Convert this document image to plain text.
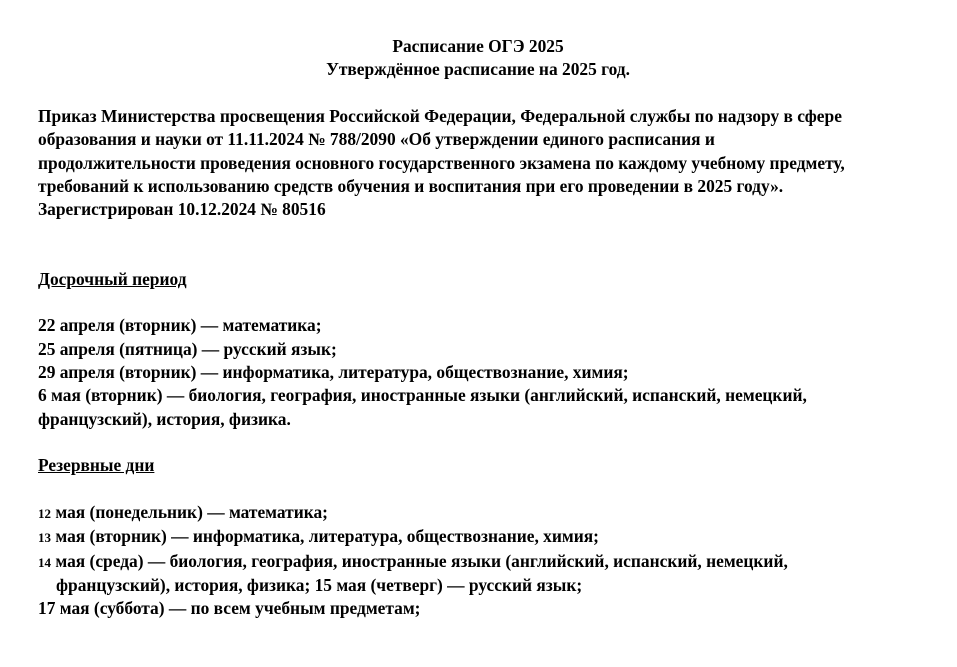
Расписание ОГЭ 2025
Утверждённое расписание на 2025 год.
Приказ Министерства просвещения Российской Федерации, Федеральной службы по надзору в сфере
образования и науки от 11.11.2024 № 788/2090 «Об утверждении единого расписания и
продолжительности проведения основного государственного экзамена по каждому учебному предмету,
требований к использованию средств обучения и воспитания при его проведении в 2025 году».
Зарегистрирован 10.12.2024 № 80516
Досрочный период
22 апреля (вторник) — математика;
25 апреля (пятница) — русский язык;
29 апреля (вторник) — информатика, литература, обществознание, химия;
6 мая (вторник) — биология, география, иностранные языки (английский, испанский, немецкий,
французский), история, физика.
Резервные дни
12 мая (понедельник) — математика;
13 мая (вторник) — информатика, литература, обществознание, химия;
14 мая (среда) — биология, география, иностранные языки (английский, испанский, немецкий,
французский), история, физика; 15 мая (четверг) — русский язык;
17 мая (суббота) — по всем учебным предметам;
